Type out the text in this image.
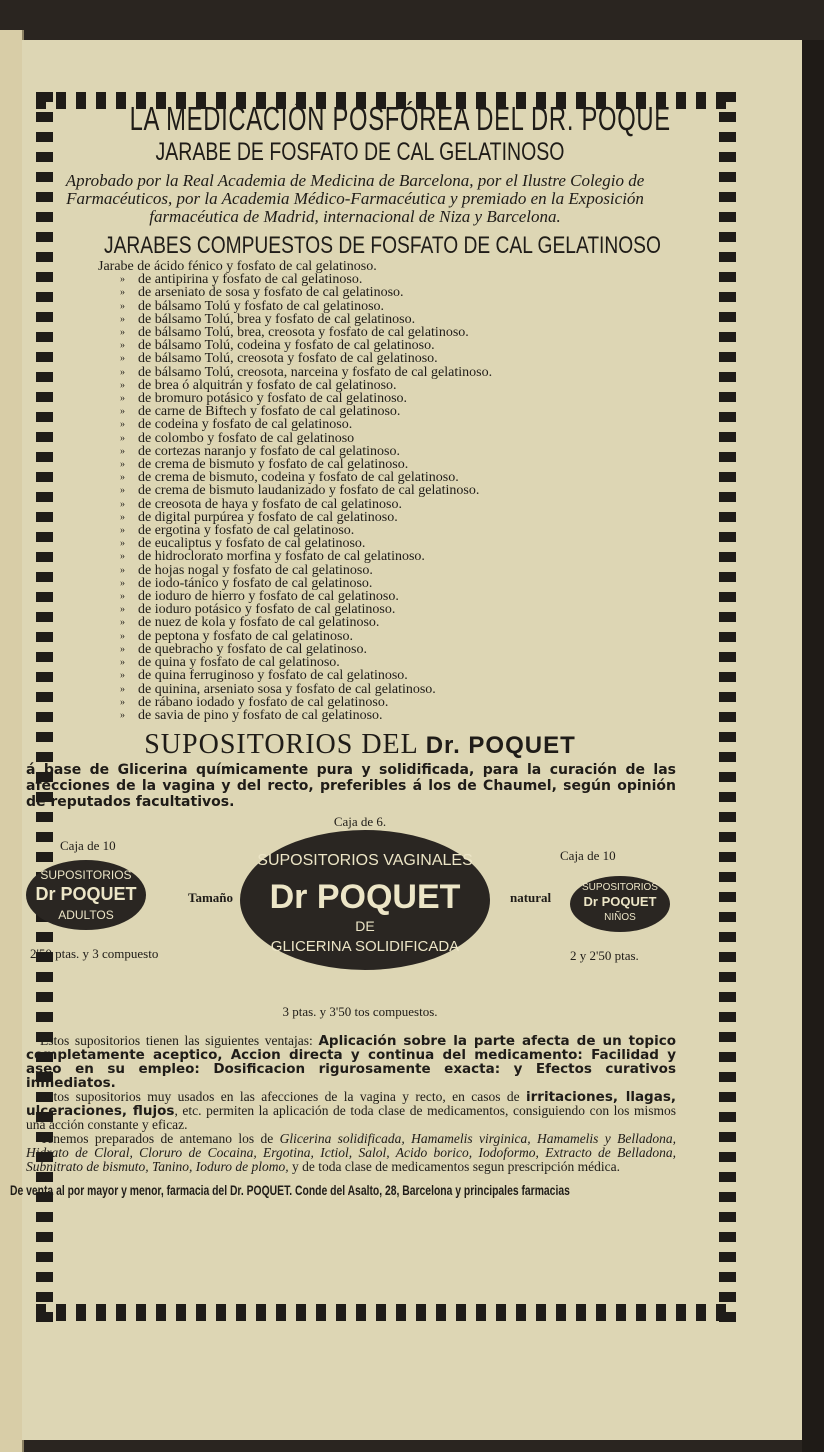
LA MEDICACIÓN POSFÓREA DEL DR. POQUE
JARABE DE FOSFATO DE CAL GELATINOSO
Aprobado por la Real Academia de Medicina de Barcelona, por el Ilustre Colegio de Farmacéuticos, por la Academia Médico-Farmacéutica y premiado en la Exposición farmacéutica de Madrid, internacional de Niza y Barcelona.
JARABES COMPUESTOS DE FOSFATO DE CAL GELATINOSO
Jarabe de ácido fénico y fosfato de cal gelatinoso.
» de antipirina y fosfato de cal gelatinoso.
» de arseniato de sosa y fosfato de cal gelatinoso.
» de bálsamo Tolú y fosfato de cal gelatinoso.
» de bálsamo Tolú, brea y fosfato de cal gelatinoso.
» de bálsamo Tolú, brea, creosota y fosfato de cal gelatinoso.
» de bálsamo Tolú, codeina y fosfato de cal gelatinoso.
» de bálsamo Tolú, creosota y fosfato de cal gelatinoso.
» de bálsamo Tolú, creosota, narceina y fosfato de cal gelatinoso.
» de brea ó alquitrán y fosfato de cal gelatinoso.
» de bromuro potásico y fosfato de cal gelatinoso.
» de carne de Biftech y fosfato de cal gelatinoso.
» de codeina y fosfato de cal gelatinoso.
» de colombo y fosfato de cal gelatinoso
» de cortezas naranjo y fosfato de cal gelatinoso.
» de crema de bismuto y fosfato de cal gelatinoso.
» de crema de bismuto, codeina y fosfato de cal gelatinoso.
» de crema de bismuto laudanizado y fosfato de cal gelatinoso.
» de creosota de haya y fosfato de cal gelatinoso.
» de digital purpúrea y fosfato de cal gelatinoso.
» de ergotina y fosfato de cal gelatinoso.
» de eucaliptus y fosfato de cal gelatinoso.
» de hidroclorato morfina y fosfato de cal gelatinoso.
» de hojas nogal y fosfato de cal gelatinoso.
» de iodo-tánico y fosfato de cal gelatinoso.
» de ioduro de hierro y fosfato de cal gelatinoso.
» de ioduro potásico y fosfato de cal gelatinoso.
» de nuez de kola y fosfato de cal gelatinoso.
» de peptona y fosfato de cal gelatinoso.
» de quebracho y fosfato de cal gelatinoso.
» de quina y fosfato de cal gelatinoso.
» de quina ferruginoso y fosfato de cal gelatinoso.
» de quinina, arseniato sosa y fosfato de cal gelatinoso.
» de rábano iodado y fosfato de cal gelatinoso.
» de savia de pino y fosfato de cal gelatinoso.
SUPOSITORIOS DEL Dr. POQUET
á base de Glicerina químicamente pura y solidificada, para la curación de las afecciones de la vagina y del recto, preferibles á los de Chaumel, según opinión de reputados facultativos.
Caja de 6.
Caja de 10
Caja de 10
SUPOSITORIOS
Dr POQUET
ADULTOS
Tamaño
SUPOSITORIOS VAGINALES
Dr POQUET
DE
GLICERINA SOLIDIFICADA
natural
SUPOSITORIOS
Dr POQUET
NIÑOS
2'50 ptas. y 3 compuesto	2 y 2'50 ptas.
3 ptas. y 3'50 tos compuestos.

Estos supositorios tienen las siguientes ventajas: Aplicación sobre la parte afecta de un topico completamente aceptico, Accion directa y continua del medicamento: Facilidad y aseo en su empleo: Dosificacion rigurosamente exacta: y Efectos curativos inmediatos.

Estos supositorios muy usados en las afecciones de la vagina y recto, en casos de irritaciones, llagas, ulceraciones, flujos, etc. permiten la aplicación de toda clase de medicamentos, consiguiendo con los mismos una acción constante y eficaz.

Tenemos preparados de antemano los de Glicerina solidificada, Hamamelis virginica, Hamamelis y Belladona, Hidrato de Cloral, Cloruro de Cocaina, Ergotina, Ictiol, Salol, Acido borico, Iodoformo, Extracto de Belladona, Subnitrato de bismuto, Tanino, Ioduro de plomo, y de toda clase de medicamentos segun prescripción médica.

De venta al por mayor y menor, farmacia del Dr. POQUET. Conde del Asalto, 28, Barcelona y principales farmacias
